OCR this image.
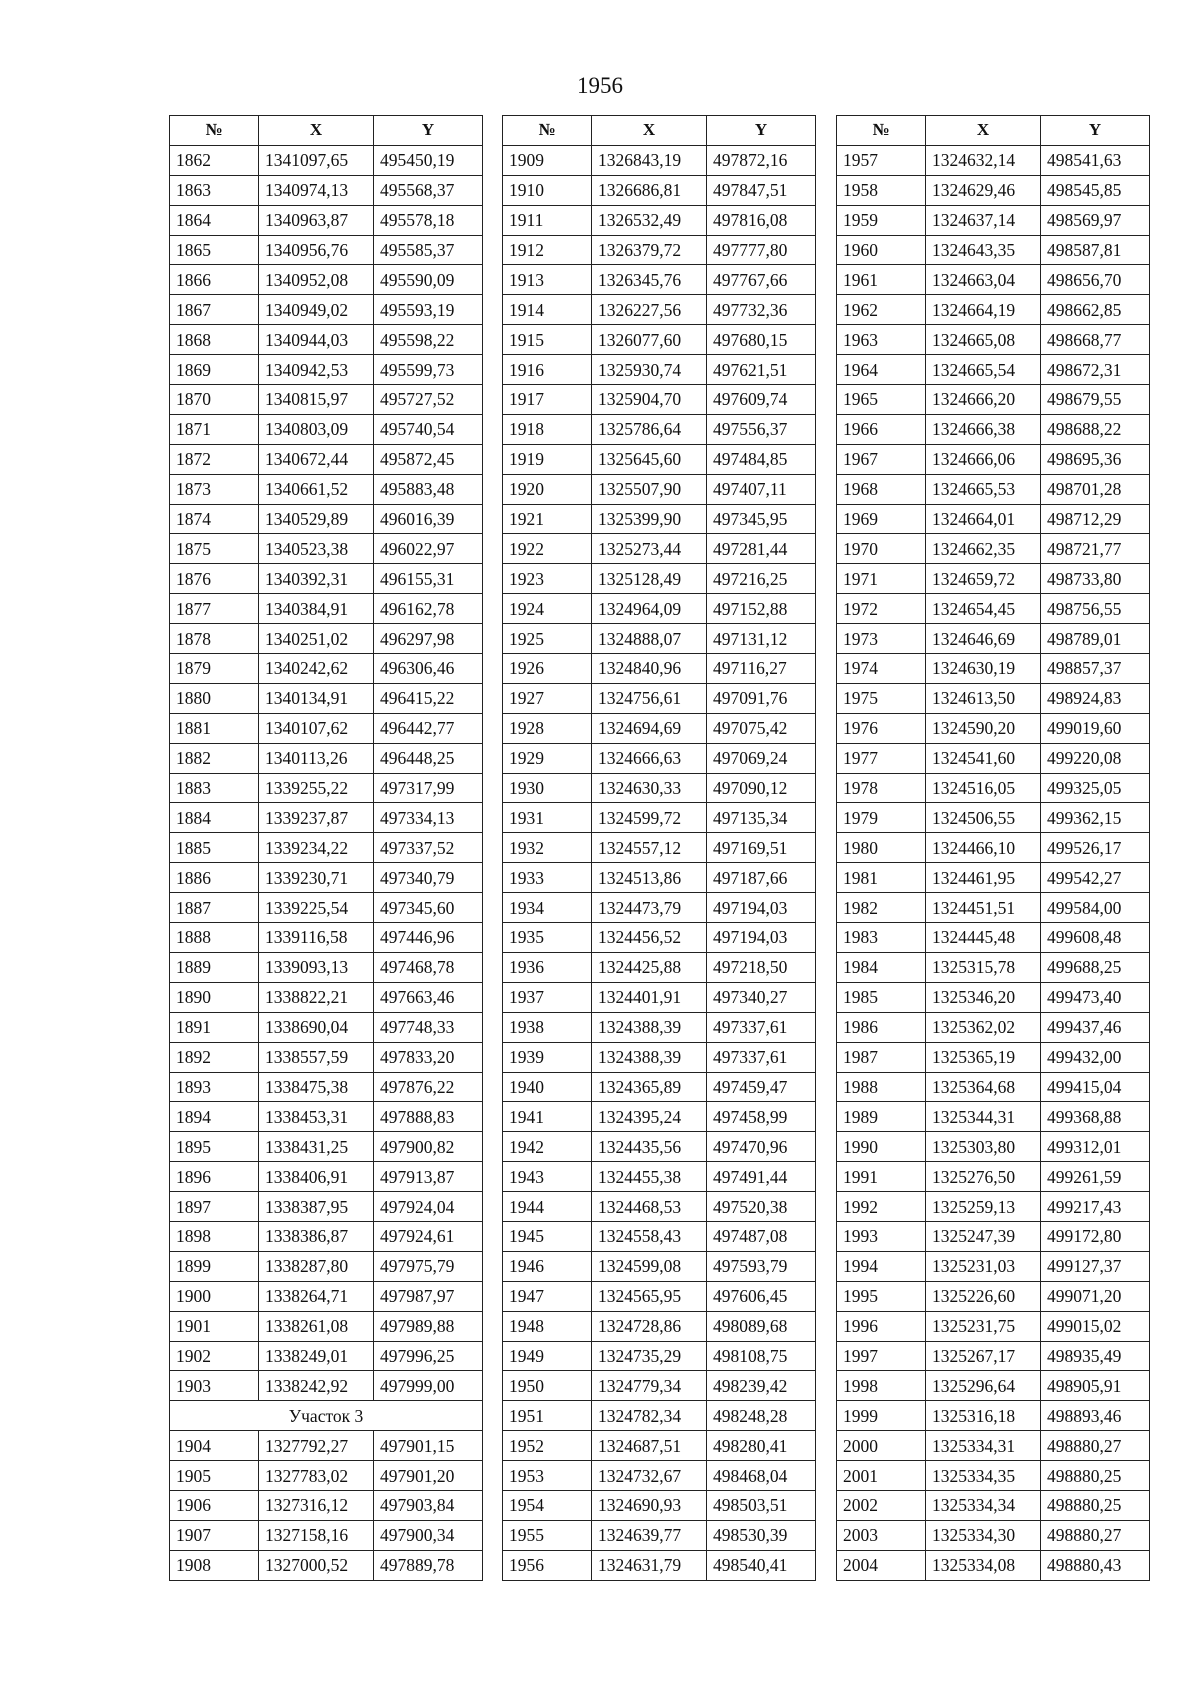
1956
№	X	Y
1862	1341097,65	495450,19
1863	1340974,13	495568,37
1864	1340963,87	495578,18
1865	1340956,76	495585,37
1866	1340952,08	495590,09
1867	1340949,02	495593,19
1868	1340944,03	495598,22
1869	1340942,53	495599,73
1870	1340815,97	495727,52
1871	1340803,09	495740,54
1872	1340672,44	495872,45
1873	1340661,52	495883,48
1874	1340529,89	496016,39
1875	1340523,38	496022,97
1876	1340392,31	496155,31
1877	1340384,91	496162,78
1878	1340251,02	496297,98
1879	1340242,62	496306,46
1880	1340134,91	496415,22
1881	1340107,62	496442,77
1882	1340113,26	496448,25
1883	1339255,22	497317,99
1884	1339237,87	497334,13
1885	1339234,22	497337,52
1886	1339230,71	497340,79
1887	1339225,54	497345,60
1888	1339116,58	497446,96
1889	1339093,13	497468,78
1890	1338822,21	497663,46
1891	1338690,04	497748,33
1892	1338557,59	497833,20
1893	1338475,38	497876,22
1894	1338453,31	497888,83
1895	1338431,25	497900,82
1896	1338406,91	497913,87
1897	1338387,95	497924,04
1898	1338386,87	497924,61
1899	1338287,80	497975,79
1900	1338264,71	497987,97
1901	1338261,08	497989,88
1902	1338249,01	497996,25
1903	1338242,92	497999,00
Участок 3		
1904	1327792,27	497901,15
1905	1327783,02	497901,20
1906	1327316,12	497903,84
1907	1327158,16	497900,34
1908	1327000,52	497889,78
№	X	Y
1909	1326843,19	497872,16
1910	1326686,81	497847,51
1911	1326532,49	497816,08
1912	1326379,72	497777,80
1913	1326345,76	497767,66
1914	1326227,56	497732,36
1915	1326077,60	497680,15
1916	1325930,74	497621,51
1917	1325904,70	497609,74
1918	1325786,64	497556,37
1919	1325645,60	497484,85
1920	1325507,90	497407,11
1921	1325399,90	497345,95
1922	1325273,44	497281,44
1923	1325128,49	497216,25
1924	1324964,09	497152,88
1925	1324888,07	497131,12
1926	1324840,96	497116,27
1927	1324756,61	497091,76
1928	1324694,69	497075,42
1929	1324666,63	497069,24
1930	1324630,33	497090,12
1931	1324599,72	497135,34
1932	1324557,12	497169,51
1933	1324513,86	497187,66
1934	1324473,79	497194,03
1935	1324456,52	497194,03
1936	1324425,88	497218,50
1937	1324401,91	497340,27
1938	1324388,39	497337,61
1939	1324388,39	497337,61
1940	1324365,89	497459,47
1941	1324395,24	497458,99
1942	1324435,56	497470,96
1943	1324455,38	497491,44
1944	1324468,53	497520,38
1945	1324558,43	497487,08
1946	1324599,08	497593,79
1947	1324565,95	497606,45
1948	1324728,86	498089,68
1949	1324735,29	498108,75
1950	1324779,34	498239,42
1951	1324782,34	498248,28
1952	1324687,51	498280,41
1953	1324732,67	498468,04
1954	1324690,93	498503,51
1955	1324639,77	498530,39
1956	1324631,79	498540,41
№	X	Y
1957	1324632,14	498541,63
1958	1324629,46	498545,85
1959	1324637,14	498569,97
1960	1324643,35	498587,81
1961	1324663,04	498656,70
1962	1324664,19	498662,85
1963	1324665,08	498668,77
1964	1324665,54	498672,31
1965	1324666,20	498679,55
1966	1324666,38	498688,22
1967	1324666,06	498695,36
1968	1324665,53	498701,28
1969	1324664,01	498712,29
1970	1324662,35	498721,77
1971	1324659,72	498733,80
1972	1324654,45	498756,55
1973	1324646,69	498789,01
1974	1324630,19	498857,37
1975	1324613,50	498924,83
1976	1324590,20	499019,60
1977	1324541,60	499220,08
1978	1324516,05	499325,05
1979	1324506,55	499362,15
1980	1324466,10	499526,17
1981	1324461,95	499542,27
1982	1324451,51	499584,00
1983	1324445,48	499608,48
1984	1325315,78	499688,25
1985	1325346,20	499473,40
1986	1325362,02	499437,46
1987	1325365,19	499432,00
1988	1325364,68	499415,04
1989	1325344,31	499368,88
1990	1325303,80	499312,01
1991	1325276,50	499261,59
1992	1325259,13	499217,43
1993	1325247,39	499172,80
1994	1325231,03	499127,37
1995	1325226,60	499071,20
1996	1325231,75	499015,02
1997	1325267,17	498935,49
1998	1325296,64	498905,91
1999	1325316,18	498893,46
2000	1325334,31	498880,27
2001	1325334,35	498880,25
2002	1325334,34	498880,25
2003	1325334,30	498880,27
2004	1325334,08	498880,43
